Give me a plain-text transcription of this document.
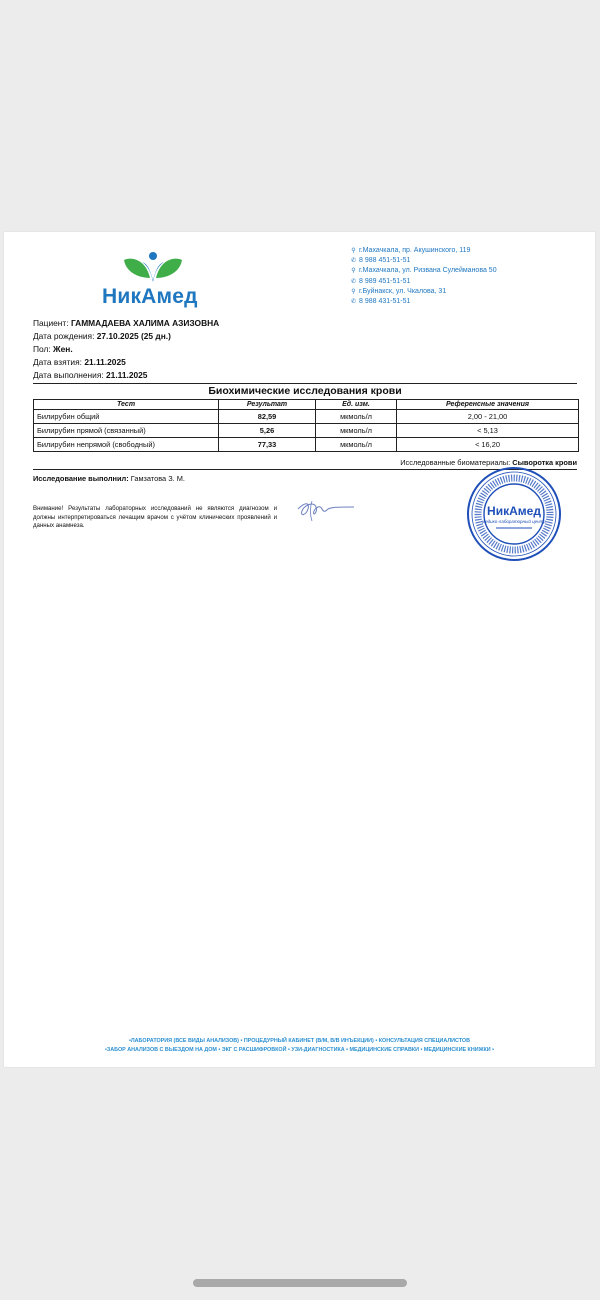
НикАмед
⚲ г.Махачкала, пр. Акушинского, 119
✆ 8 988 451-51-51
⚲ г.Махачкала, ул. Ризвана Сулейманова 50
✆ 8 989 451-51-51
⚲ г.Буйнакск, ул. Чкалова, 31
✆ 8 988 431-51-51
Пациент: ГАММАДАЕВА ХАЛИМА АЗИЗОВНА
Дата рождения: 27.10.2025 (25 дн.)
Пол: Жен.
Дата взятия: 21.11.2025
Дата выполнения: 21.11.2025
Биохимические исследования крови
Тест	Результат	Ед. изм.	Референсные значения
Билирубин общий	82,59	мкмоль/л	2,00 - 21,00
Билирубин прямой (связанный)	5,26	мкмоль/л	< 5,13
Билирубин непрямой (свободный)	77,33	мкмоль/л	< 16,20
Исследованные биоматериалы: Сыворотка крови
Исследование выполнил: Гамзатова З. М.
Внимание! Результаты лабораторных исследований не являются диагнозом и должны интерпретироваться лечащим врачом с учётом клинических проявлений и данных анамнеза.
НикАмед
медико-лабораторный центр
•ЛАБОРАТОРИЯ (ВСЕ ВИДЫ АНАЛИЗОВ) • ПРОЦЕДУРНЫЙ КАБИНЕТ (В/М, В/В ИНЪЕКЦИИ) • КОНСУЛЬТАЦИЯ СПЕЦИАЛИСТОВ
•ЗАБОР АНАЛИЗОВ С ВЫЕЗДОМ НА ДОМ • ЭКГ С РАСШИФРОВКОЙ • УЗИ-ДИАГНОСТИКА • МЕДИЦИНСКИЕ СПРАВКИ • МЕДИЦИНСКИЕ КНИЖКИ •
